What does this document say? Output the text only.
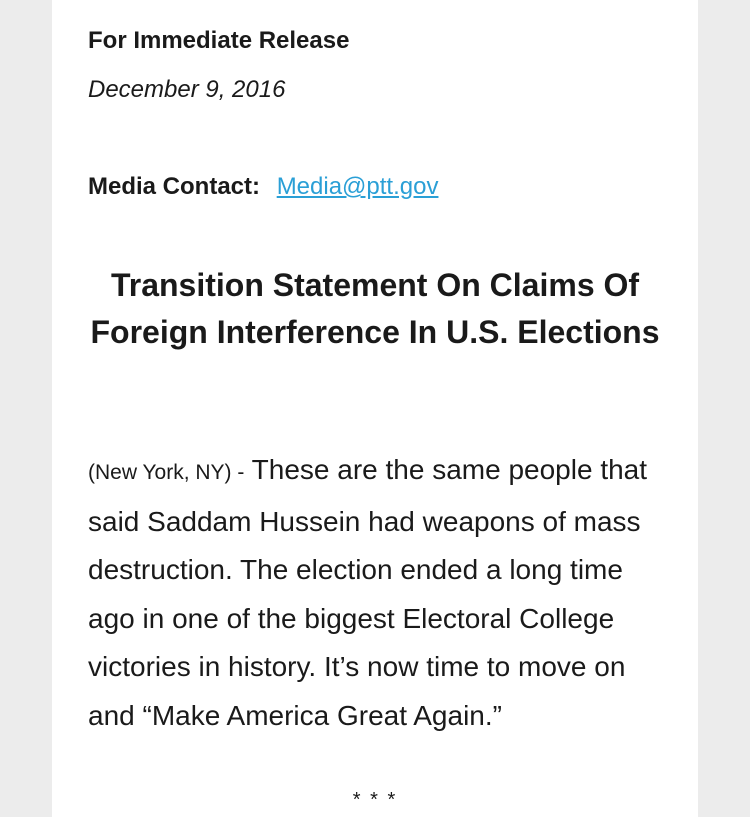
For Immediate Release
December 9, 2016
Media Contact: Media@ptt.gov
Transition Statement On Claims Of Foreign Interference In U.S. Elections
(New York, NY) - These are the same people that said Saddam Hussein had weapons of mass destruction. The election ended a long time ago in one of the biggest Electoral College victories in history. It’s now time to move on and “Make America Great Again.”
* * *
